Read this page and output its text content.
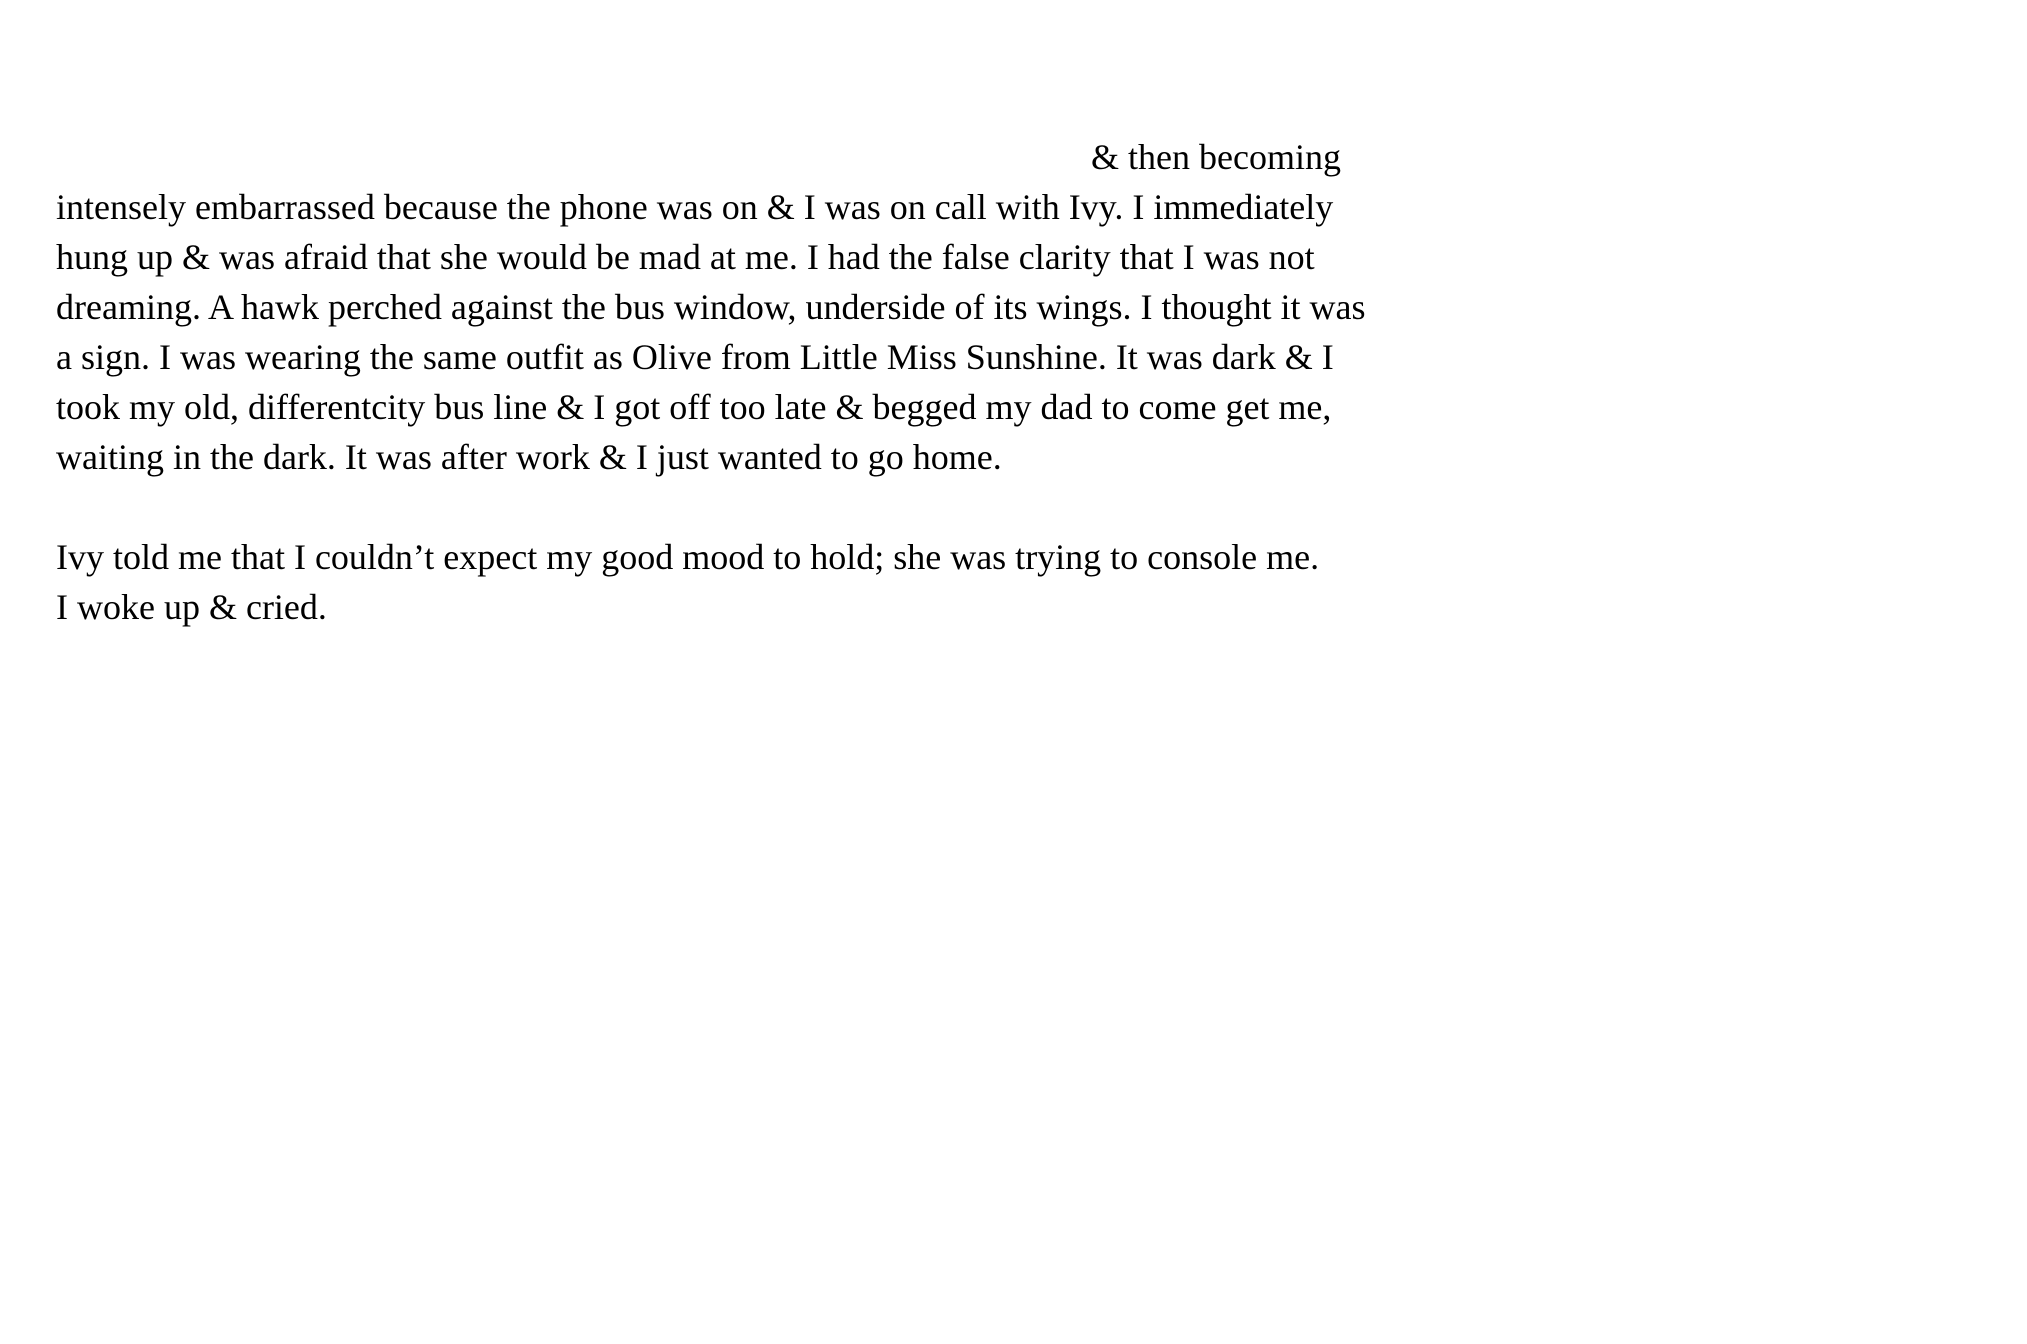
& then becoming
intensely embarrassed because the phone was on & I was on call with Ivy. I immediately
hung up & was afraid that she would be mad at me. I had the false clarity that I was not
dreaming. A hawk perched against the bus window, underside of its wings. I thought it was
a sign. I was wearing the same outfit as Olive from Little Miss Sunshine. It was dark & I
took my old, differentcity bus line & I got off too late & begged my dad to come get me,
waiting in the dark. It was after work & I just wanted to go home.
Ivy told me that I couldn’t expect my good mood to hold; she was trying to console me.
I woke up & cried.
